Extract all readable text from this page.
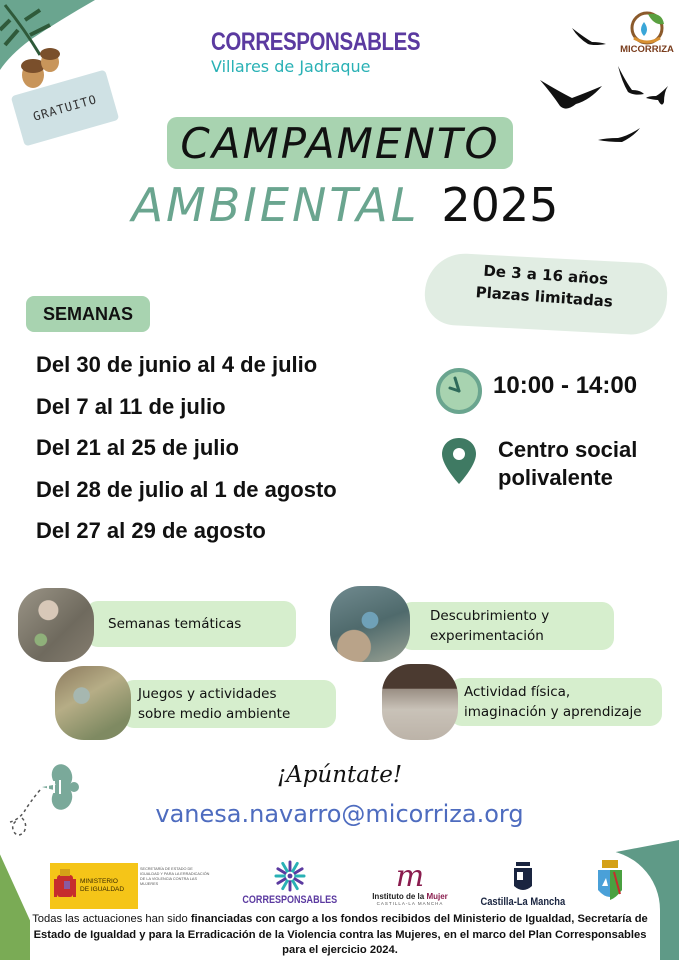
GRATUITO
CORRESPONSABLES
Villares de Jadraque
MICORRIZA
CAMPAMENTO
AMBIENTAL 2025
De 3 a 16 años
Plazas limitadas
SEMANAS
Del 30 de junio al 4 de julio
Del 7 al 11 de julio
Del 21 al 25 de julio
Del 28 de julio al 1 de agosto
Del 27 al 29 de agosto
10:00 - 14:00
Centro social
polivalente
Semanas temáticas	Descubrimiento y
experimentación
Juegos y actividades
sobre medio ambiente
Actividad física,
imaginación y aprendizaje
¡Apúntate!
vanesa.navarro@micorriza.org
MINISTERIO
DE IGUALDAD
SECRETARÍA DE ESTADO DE IGUALDAD Y PARA LA ERRADICACIÓN DE LA VIOLENCIA CONTRA LAS MUJERES
CORRESPONSABLES
m
Instituto de la Mujer
CASTILLA-LA MANCHA	Castilla-La Mancha
Todas las actuaciones han sido financiadas con cargo a los fondos recibidos del Ministerio de Igualdad, Secretaría de Estado de Igualdad y para la Erradicación de la Violencia contra las Mujeres, en el marco del Plan Corresponsables para el ejercicio 2024.
